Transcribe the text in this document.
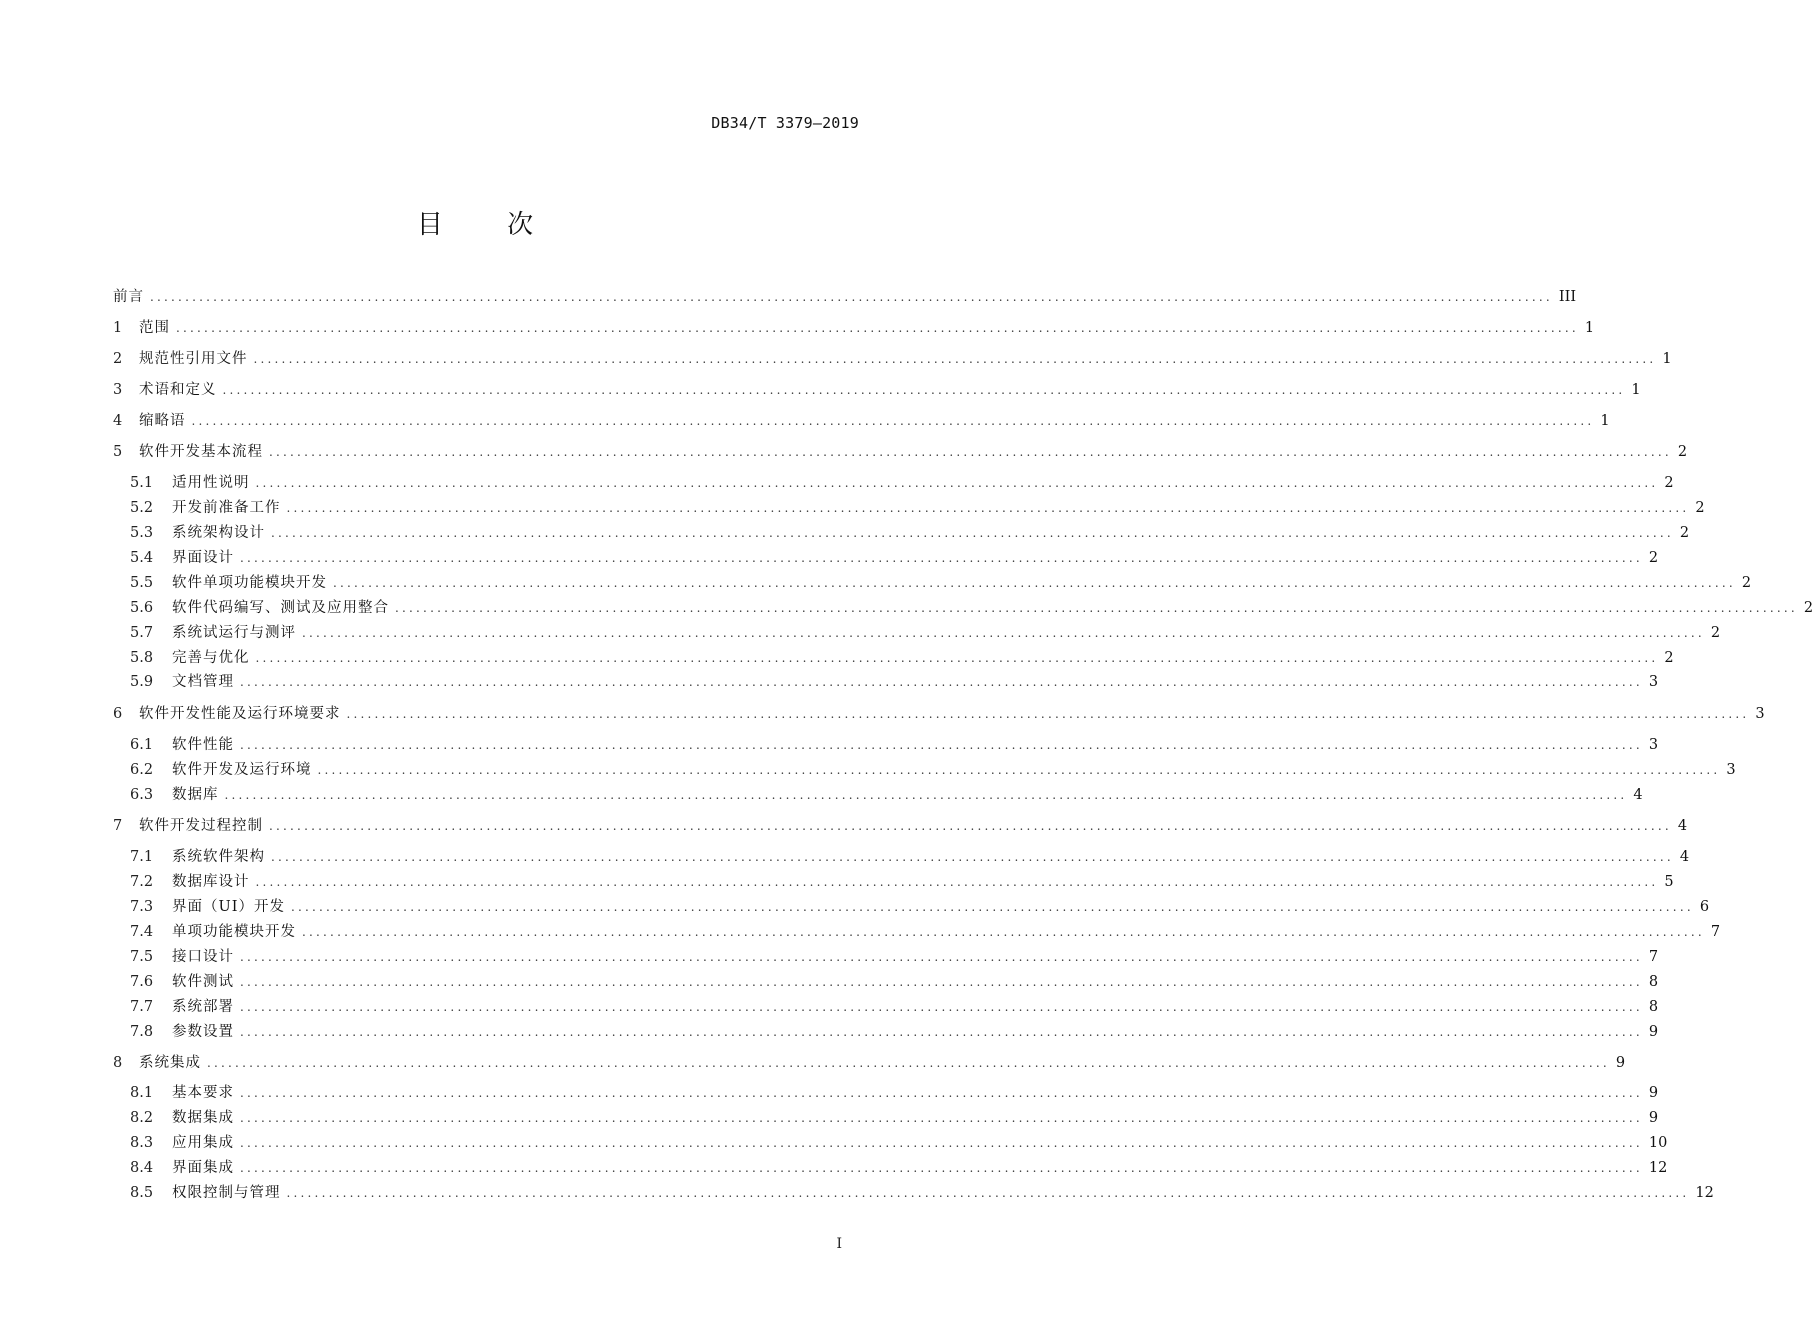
DB34/T 3379—2019
目 次
前言 ........................................................................................................................................................................................................ III
1	范围 ........................................................................................................................................................................................................ 1
2	规范性引用文件 ........................................................................................................................................................................................................ 1
3	术语和定义 ........................................................................................................................................................................................................ 1
4	缩略语 ........................................................................................................................................................................................................ 1
5	软件开发基本流程 ........................................................................................................................................................................................................ 2
5.1	适用性说明 ........................................................................................................................................................................................................ 2
5.2	开发前准备工作 ........................................................................................................................................................................................................ 2
5.3	系统架构设计 ........................................................................................................................................................................................................ 2
5.4	界面设计 ........................................................................................................................................................................................................ 2
5.5	软件单项功能模块开发 ........................................................................................................................................................................................................ 2
5.6	软件代码编写、测试及应用整合 ........................................................................................................................................................................................................ 2
5.7	系统试运行与测评 ........................................................................................................................................................................................................ 2
5.8	完善与优化 ........................................................................................................................................................................................................ 2
5.9	文档管理 ........................................................................................................................................................................................................ 3
6	软件开发性能及运行环境要求 ........................................................................................................................................................................................................ 3
6.1	软件性能 ........................................................................................................................................................................................................ 3
6.2	软件开发及运行环境 ........................................................................................................................................................................................................ 3
6.3	数据库 ........................................................................................................................................................................................................ 4
7	软件开发过程控制 ........................................................................................................................................................................................................ 4
7.1	系统软件架构 ........................................................................................................................................................................................................ 4
7.2	数据库设计 ........................................................................................................................................................................................................ 5
7.3	界面（UI）开发 ........................................................................................................................................................................................................ 6
7.4	单项功能模块开发 ........................................................................................................................................................................................................ 7
7.5	接口设计 ........................................................................................................................................................................................................ 7
7.6	软件测试 ........................................................................................................................................................................................................ 8
7.7	系统部署 ........................................................................................................................................................................................................ 8
7.8	参数设置 ........................................................................................................................................................................................................ 9
8	系统集成 ........................................................................................................................................................................................................ 9
8.1	基本要求 ........................................................................................................................................................................................................ 9
8.2	数据集成 ........................................................................................................................................................................................................ 9
8.3	应用集成 ........................................................................................................................................................................................................ 10
8.4	界面集成 ........................................................................................................................................................................................................ 12
8.5	权限控制与管理 ........................................................................................................................................................................................................ 12
I
